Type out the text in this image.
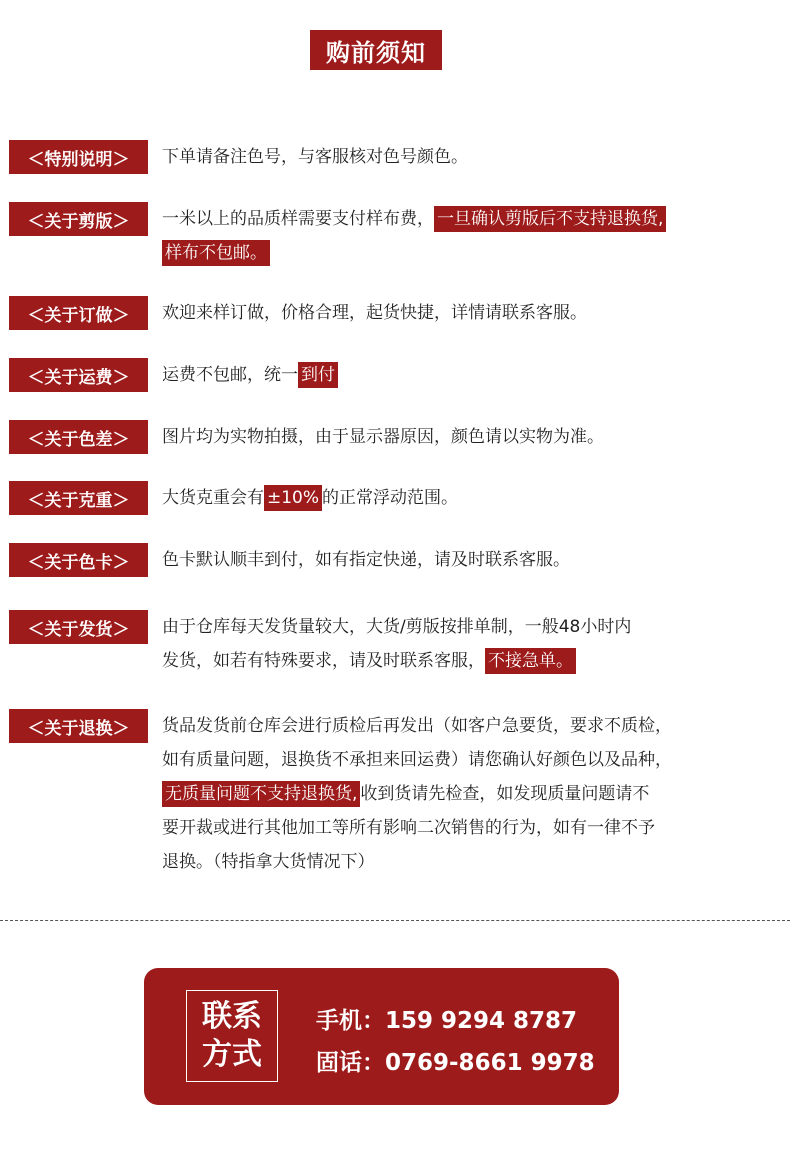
购前须知
＜特别说明＞	下单请备注色号，与客服核对色号颜色。
＜关于剪版＞	一米以上的品质样需要支付样布费， 一旦确认剪版后不支持退换货,
样布不包邮。
＜关于订做＞	欢迎来样订做，价格合理，起货快捷，详情请联系客服。
＜关于运费＞	运费不包邮，统一 到付
＜关于色差＞	图片均为实物拍摄，由于显示器原因，颜色请以实物为准。
＜关于克重＞	大货克重会有 ±10% 的正常浮动范围。
＜关于色卡＞	色卡默认顺丰到付，如有指定快递，请及时联系客服。
＜关于发货＞	由于仓库每天发货量较大，大货/剪版按排单制，一般48小时内
发货，如若有特殊要求，请及时联系客服， 不接急单。
＜关于退换＞	货品发货前仓库会进行质检后再发出（如客户急要货，要求不质检，
如有质量问题，退换货不承担来回运费）请您确认好颜色以及品种，
无质量问题不支持退换货, 收到货请先检查，如发现质量问题请不
要开裁或进行其他加工等所有影响二次销售的行为，如有一律不予
退换。（特指拿大货情况下）
联系
方式
手机：159 9294 8787
固话：0769-8661 9978
